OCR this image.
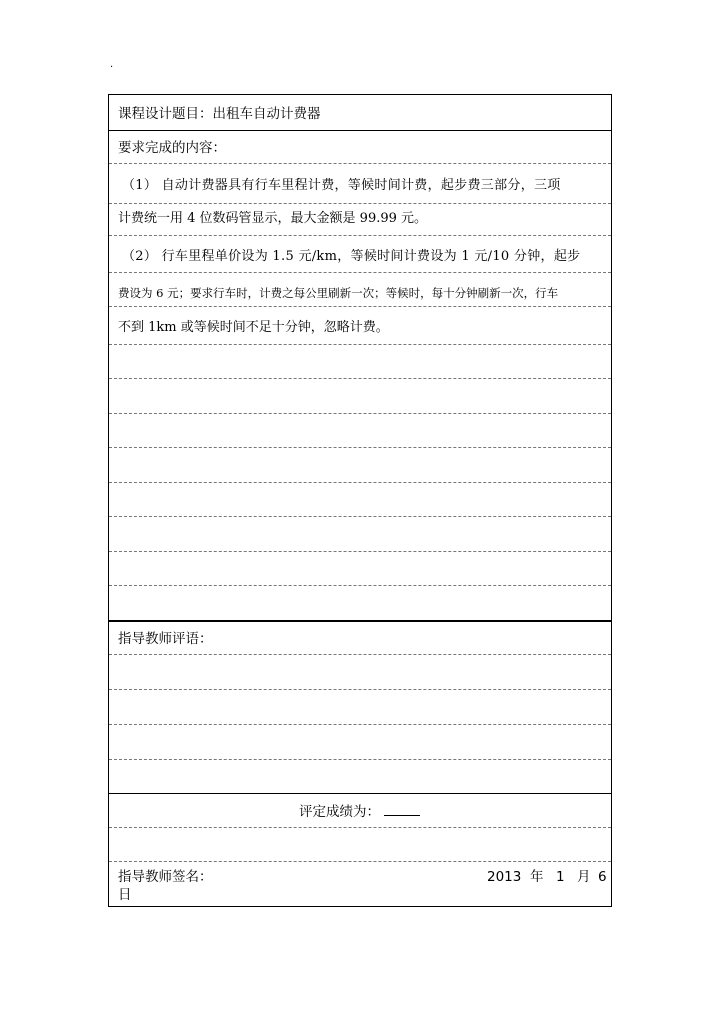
.
课程设计题目：出租车自动计费器
要求完成的内容：
（1） 自动计费器具有行车里程计费，等候时间计费，起步费三部分，三项
计费统一用 4 位数码管显示，最大金额是 99.99 元。
（2） 行车里程单价设为 1.5 元/km，等候时间计费设为 1 元/10 分钟，起步
费设为 6 元；要求行车时，计费之每公里刷新一次；等候时，每十分钟刷新一次，行车
不到 1km 或等候时间不足十分钟，忽略计费。
指导教师评语：
评定成绩为：
指导教师签名：	2013 年 1 月 6
日
